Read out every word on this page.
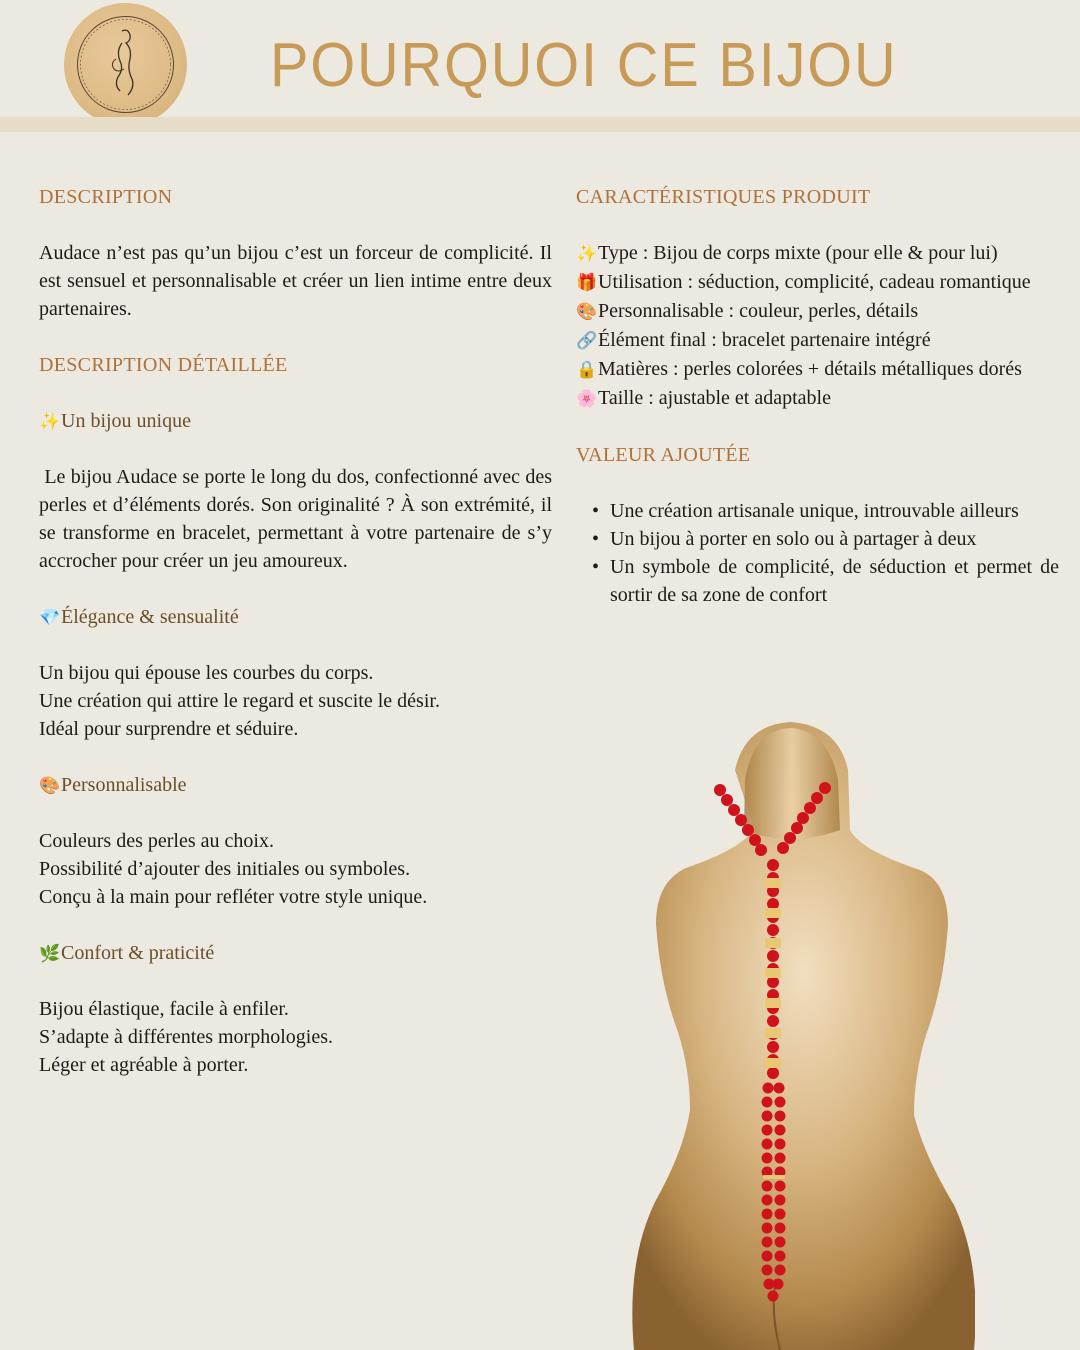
POURQUOI CE BIJOU
DESCRIPTION
Audace n’est pas qu’un bijou c’est un forceur de complicité. Il est sensuel et personnalisable et créer un lien intime entre deux partenaires.
DESCRIPTION DÉTAILLÉE
✨Un bijou unique
Le bijou Audace se porte le long du dos, confectionné avec des perles et d’éléments dorés. Son originalité ? À son extrémité, il se transforme en bracelet, permettant à votre partenaire de s’y accrocher pour créer un jeu amoureux.
💎Élégance & sensualité
Un bijou qui épouse les courbes du corps.
Une création qui attire le regard et suscite le désir.
Idéal pour surprendre et séduire.
🎨Personnalisable
Couleurs des perles au choix.
Possibilité d’ajouter des initiales ou symboles.
Conçu à la main pour refléter votre style unique.
🌿Confort & praticité
Bijou élastique, facile à enfiler.
S’adapte à différentes morphologies.
Léger et agréable à porter.
CARACTÉRISTIQUES PRODUIT
✨Type : Bijou de corps mixte (pour elle & pour lui)
🎁Utilisation : séduction, complicité, cadeau romantique
🎨Personnalisable : couleur, perles, détails
🔗Élément final : bracelet partenaire intégré
🔒Matières : perles colorées + détails métalliques dorés
🌸Taille : ajustable et adaptable
VALEUR AJOUTÉE
• Une création artisanale unique, introuvable ailleurs
• Un bijou à porter en solo ou à partager à deux
• Un symbole de complicité, de séduction et permet de sortir de sa zone de confort
